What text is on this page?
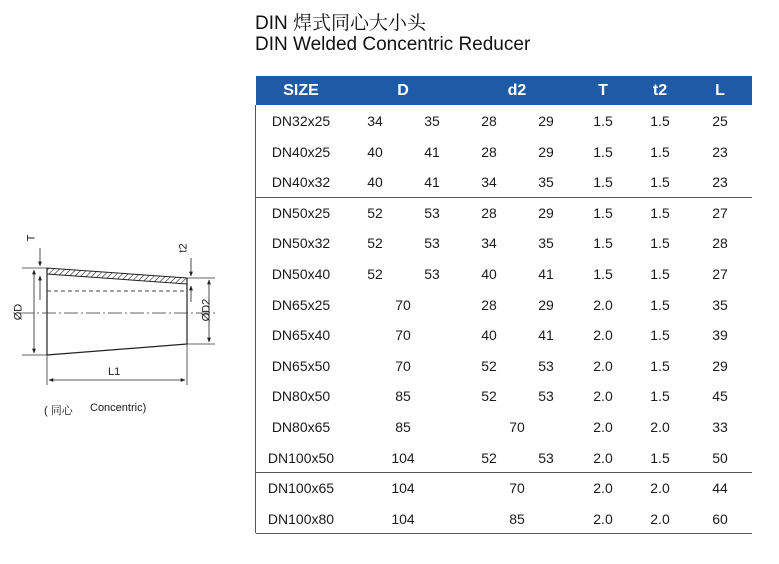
DIN 焊式同心大小头
DIN Welded Concentric Reducer
T
t2
ØD	ØD2
L1
( 同心 Concentric)
SIZE	D	d2	T	t2	L
DN32x25	34	35	28	29	1.5	1.5	25
DN40x25	40	41	28	29	1.5	1.5	23
DN40x32	40	41	34	35	1.5	1.5	23
DN50x25	52	53	28	29	1.5	1.5	27
DN50x32	52	53	34	35	1.5	1.5	28
DN50x40	52	53	40	41	1.5	1.5	27
DN65x25	70	28	29	2.0	1.5	35
DN65x40	70	40	41	2.0	1.5	39
DN65x50	70	52	53	2.0	1.5	29
DN80x50	85	52	53	2.0	1.5	45
DN80x65	85	70	2.0	2.0	33
DN100x50	104	52	53	2.0	1.5	50
DN100x65	104	70	2.0	2.0	44
DN100x80	104	85	2.0	2.0	60
